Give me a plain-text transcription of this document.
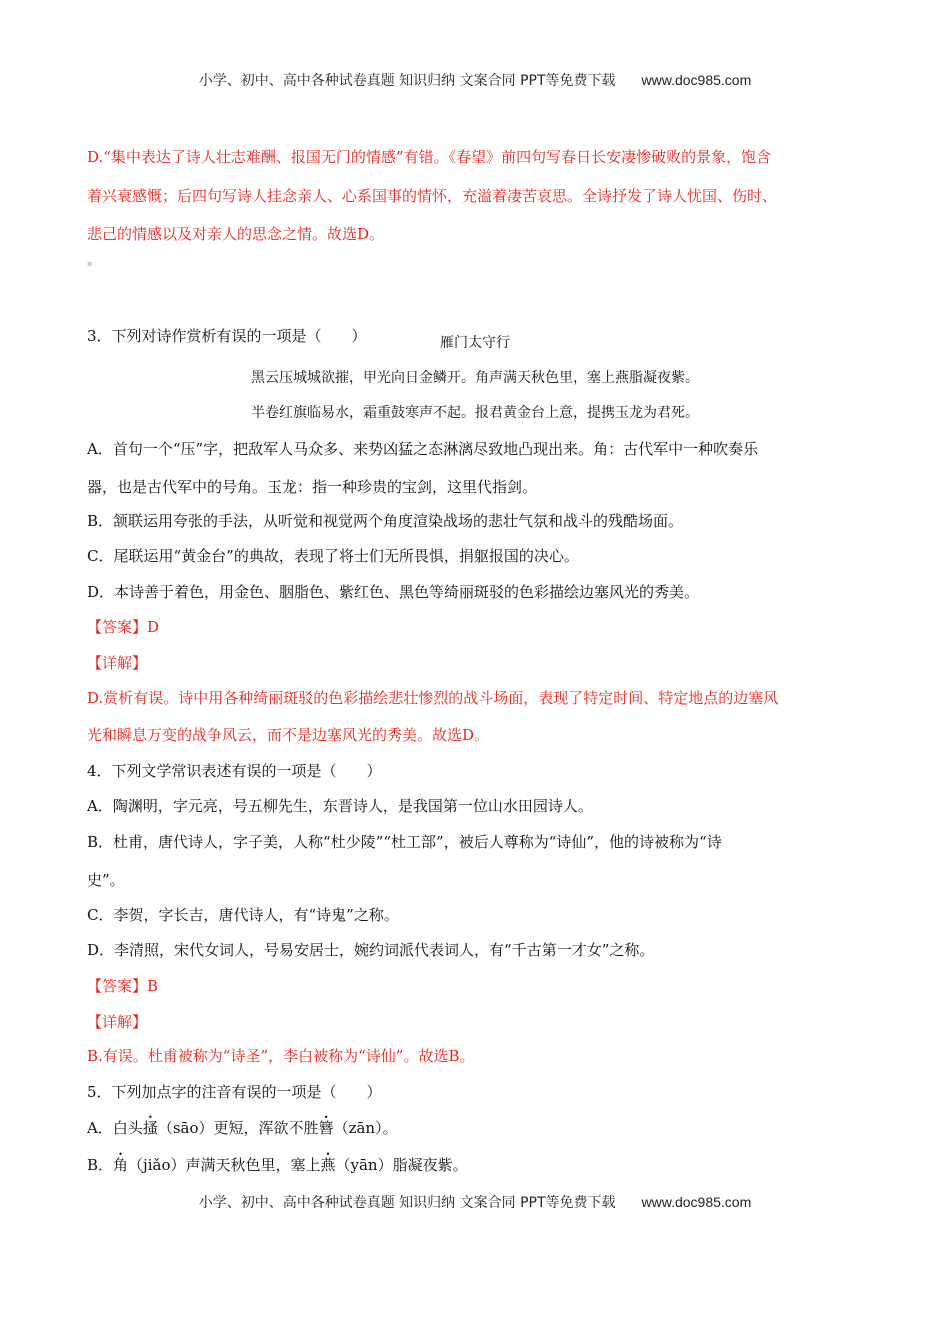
小学、初中、高中各种试卷真题 知识归纳 文案合同 PPT等免费下载 www.doc985.com
D.“集中表达了诗人壮志难酬、报国无门的情感”有错。《春望》前四句写春日长安凄惨破败的景象，饱含
着兴衰感慨；后四句写诗人挂念亲人、心系国事的情怀，充溢着凄苦哀思。全诗抒发了诗人忧国、伤时、
悲己的情感以及对亲人的思念之情。故选D。
▪
3．下列对诗作赏析有误的一项是（　　）	雁门太守行
黑云压城城欲摧，甲光向日金鳞开。角声满天秋色里，塞上燕脂凝夜紫。
半卷红旗临易水，霜重鼓寒声不起。报君黄金台上意，提携玉龙为君死。
A．首句一个“压”字，把敌军人马众多、来势凶猛之态淋漓尽致地凸现出来。角：古代军中一种吹奏乐
器，也是古代军中的号角。玉龙：指一种珍贵的宝剑，这里代指剑。
B．颔联运用夸张的手法，从听觉和视觉两个角度渲染战场的悲壮气氛和战斗的残酷场面。
C．尾联运用“黄金台”的典故，表现了将士们无所畏惧，捐躯报国的决心。
D．本诗善于着色，用金色、胭脂色、紫红色、黑色等绮丽斑驳的色彩描绘边塞风光的秀美。
【答案】D
【详解】
D.赏析有误。诗中用各种绮丽斑驳的色彩描绘悲壮惨烈的战斗场面，表现了特定时间、特定地点的边塞风
光和瞬息万变的战争风云，而不是边塞风光的秀美。故选D。
4．下列文学常识表述有误的一项是（　　）
A．陶渊明，字元亮，号五柳先生，东晋诗人，是我国第一位山水田园诗人。
B．杜甫，唐代诗人，字子美，人称“杜少陵”“杜工部”，被后人尊称为“诗仙”，他的诗被称为“诗
史”。
C．李贺，字长吉，唐代诗人，有“诗鬼”之称。
D．李清照，宋代女词人，号易安居士，婉约词派代表词人，有“千古第一才女”之称。
【答案】B
【详解】
B.有误。杜甫被称为“诗圣”，李白被称为“诗仙”。故选B。
5．下列加点字的注音有误的一项是（　　）
A．白头搔（sāo）更短，浑欲不胜簪（zān）。
B．角（jiǎo）声满天秋色里，塞上燕（yān）脂凝夜紫。
小学、初中、高中各种试卷真题 知识归纳 文案合同 PPT等免费下载 www.doc985.com
